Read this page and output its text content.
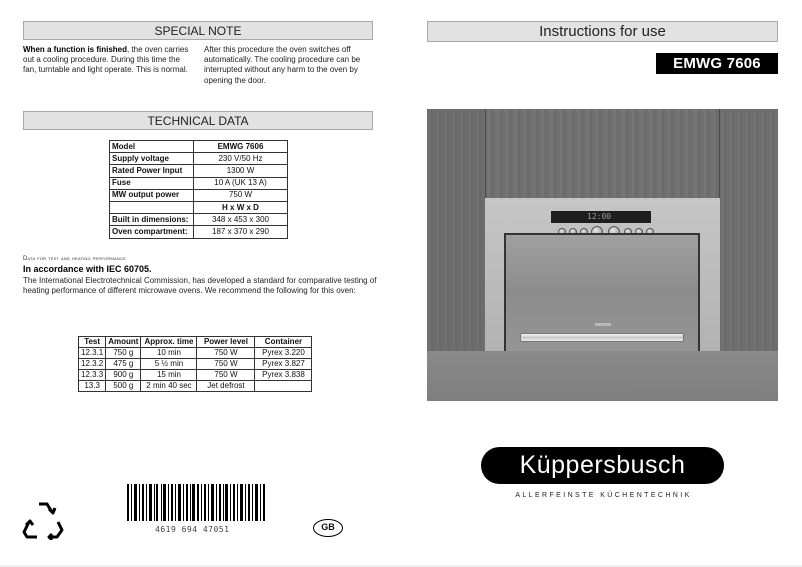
SPECIAL NOTE
When a function is finished, the oven carries out a cooling procedure. During this time the fan, turntable and light operate. This is normal.
After this procedure the oven switches off automatically. The cooling procedure can be interrupted without any harm to the oven by opening the door.
TECHNICAL DATA
Model	EMWG 7606
Supply voltage	230 V/50 Hz
Rated Power Input	1300 W
Fuse	10 A (UK 13 A)
MW output power	750 W
	H x W x D
Built in dimensions:	348 x 453 x 300
Oven compartment:	187 x 370 x 290
Data for test and heating performance
In accordance with IEC 60705.
The International Electrotechnical Commission, has developed a standard for comparative testing of heating performance of different microwave ovens. We recommend the following for this oven:
Test	Amount	Approx. time	Power level	Container
12.3.1	750 g	10 min	750 W	Pyrex 3.220
12.3.2	475 g	5 ½ min	750 W	Pyrex 3.827
12.3.3	900 g	15 min	750 W	Pyrex 3.838
13.3	500 g	2 min 40 sec	Jet defrost	
4619 694 47051	GB
Instructions for use
EMWG 7606
12:00
Küppersbusch
ALLERFEINSTE KÜCHENTECHNIK
